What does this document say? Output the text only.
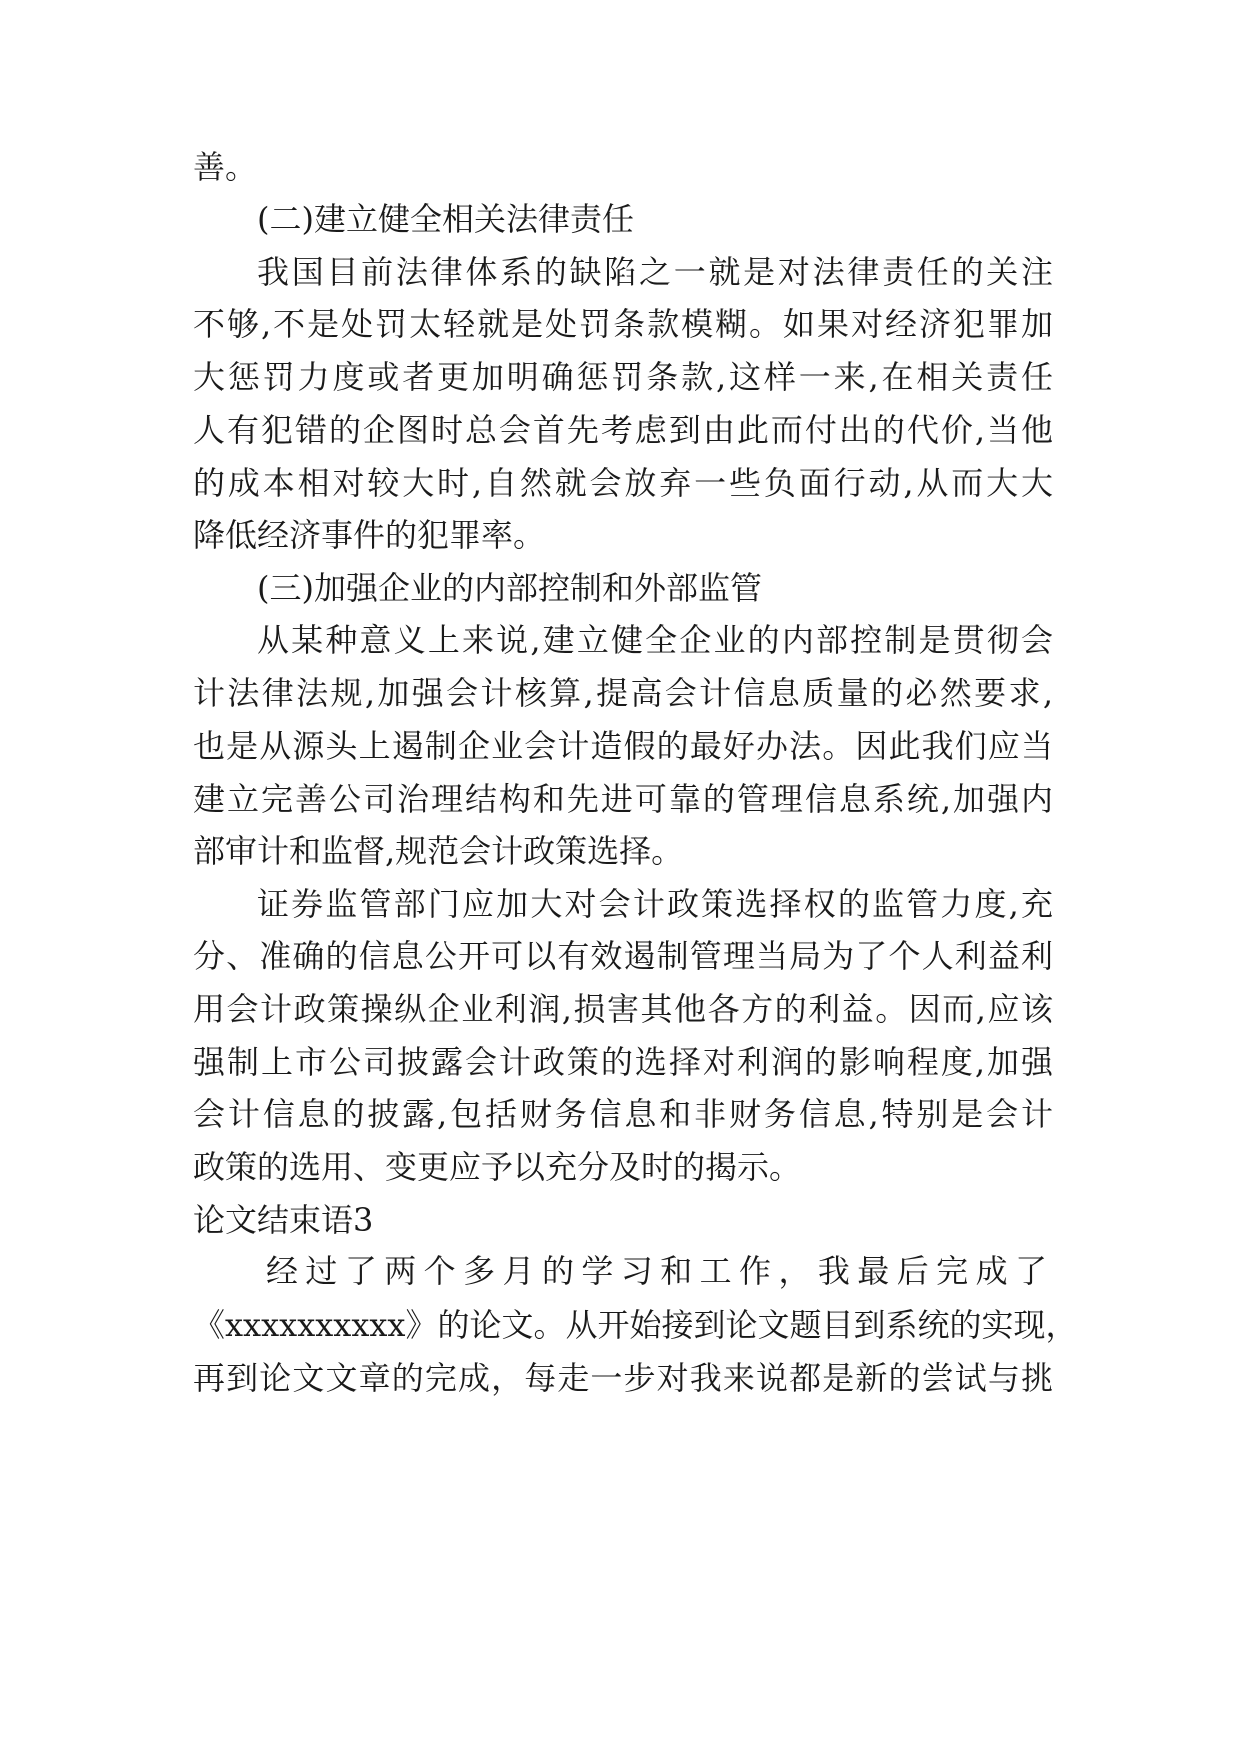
善。
(二)建立健全相关法律责任
我国目前法律体系的缺陷之一就是对法律责任的关注
不够,不是处罚太轻就是处罚条款模糊。如果对经济犯罪加
大惩罚力度或者更加明确惩罚条款,这样一来,在相关责任
人有犯错的企图时总会首先考虑到由此而付出的代价,当他
的成本相对较大时,自然就会放弃一些负面行动,从而大大
降低经济事件的犯罪率。
(三)加强企业的内部控制和外部监管
从某种意义上来说,建立健全企业的内部控制是贯彻会
计法律法规,加强会计核算,提高会计信息质量的必然要求,
也是从源头上遏制企业会计造假的最好办法。因此我们应当
建立完善公司治理结构和先进可靠的管理信息系统,加强内
部审计和监督,规范会计政策选择。
证券监管部门应加大对会计政策选择权的监管力度,充
分、准确的信息公开可以有效遏制管理当局为了个人利益利
用会计政策操纵企业利润,损害其他各方的利益。因而,应该
强制上市公司披露会计政策的选择对利润的影响程度,加强
会计信息的披露,包括财务信息和非财务信息,特别是会计
政策的选用、变更应予以充分及时的揭示。
论文结束语3
经过了两个多月的学习和工作，我最后完成了
《xxxxxxxxxx》的论文。从开始接到论文题目到系统的实现，
再到论文文章的完成，每走一步对我来说都是新的尝试与挑
